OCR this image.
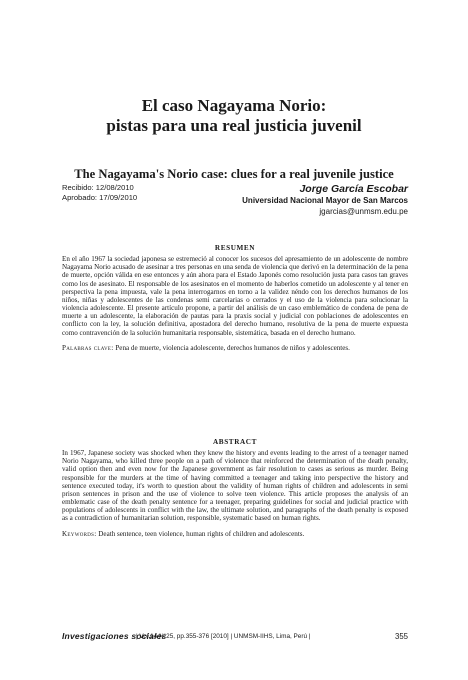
El caso Nagayama Norio:
pistas para una real justicia juvenil
The Nagayama's Norio case: clues for a real juvenile justice
Recibido: 12/08/2010
Aprobado: 17/09/2010
Jorge García Escobar
Universidad Nacional Mayor de San Marcos
jgarcias@unmsm.edu.pe
RESUMEN

En el año 1967 la sociedad japonesa se estremeció al conocer los sucesos del apresamiento de un adolescente de nombre Nagayama Norio acusado de asesinar a tres personas en una senda de violencia que derivó en la determinación de la pena de muerte, opción válida en ese entonces y aún ahora para el Estado Japonés como resolución justa para casos tan graves como los de asesinato. El responsable de los asesinatos en el momento de haberlos cometido un adolescente y al tener en perspectiva la pena impuesta, vale la pena interrogarnos en torno a la validez néndo con los derechos humanos de los niños, niñas y adolescentes de las condenas semi carcelarias o cerrados y el uso de la violencia para solucionar la violencia adolescente. El presente artículo propone, a partir del análisis de un caso emblemático de condena de pena de muerte a un adolescente, la elaboración de pautas para la praxis social y judicial con poblaciones de adolescentes en conflicto con la ley, la solución definitiva, apostadora del derecho humano, resolutiva de la pena de muerte expuesta como contravención de la solución humanitaria responsable, sistemática, basada en el derecho humano.

Palabras clave: Pena de muerte, violencia adolescente, derechos humanos de niños y adolescentes.

ABSTRACT

In 1967, Japanese society was shocked when they knew the history and events leading to the arrest of a teenager named Norio Nagayama, who killed three people on a path of violence that reinforced the determination of the death penalty, valid option then and even now for the Japanese government as fair resolution to cases as serious as murder. Being responsible for the murders at the time of having committed a teenager and taking into perspective the history and sentence executed today, it's worth to question about the validity of human rights of children and adolescents in semi prison sentences in prison and the use of violence to solve teen violence. This article proposes the analysis of an emblematic case of the death penalty sentence for a teenager, preparing guidelines for social and judicial practice with populations of adolescents in conflict with the law, the ultimate solution, and paragraphs of the death penalty is exposed as a contradiction of humanitarian solution, responsible, systematic based on human rights.

Keywords: Death sentence, teen violence, human rights of children and adolescents.

Investigaciones sociales
| Vol.14 N°25, pp.355-376 [2010] | UNMSM-IIHS, Lima, Perú |	355
